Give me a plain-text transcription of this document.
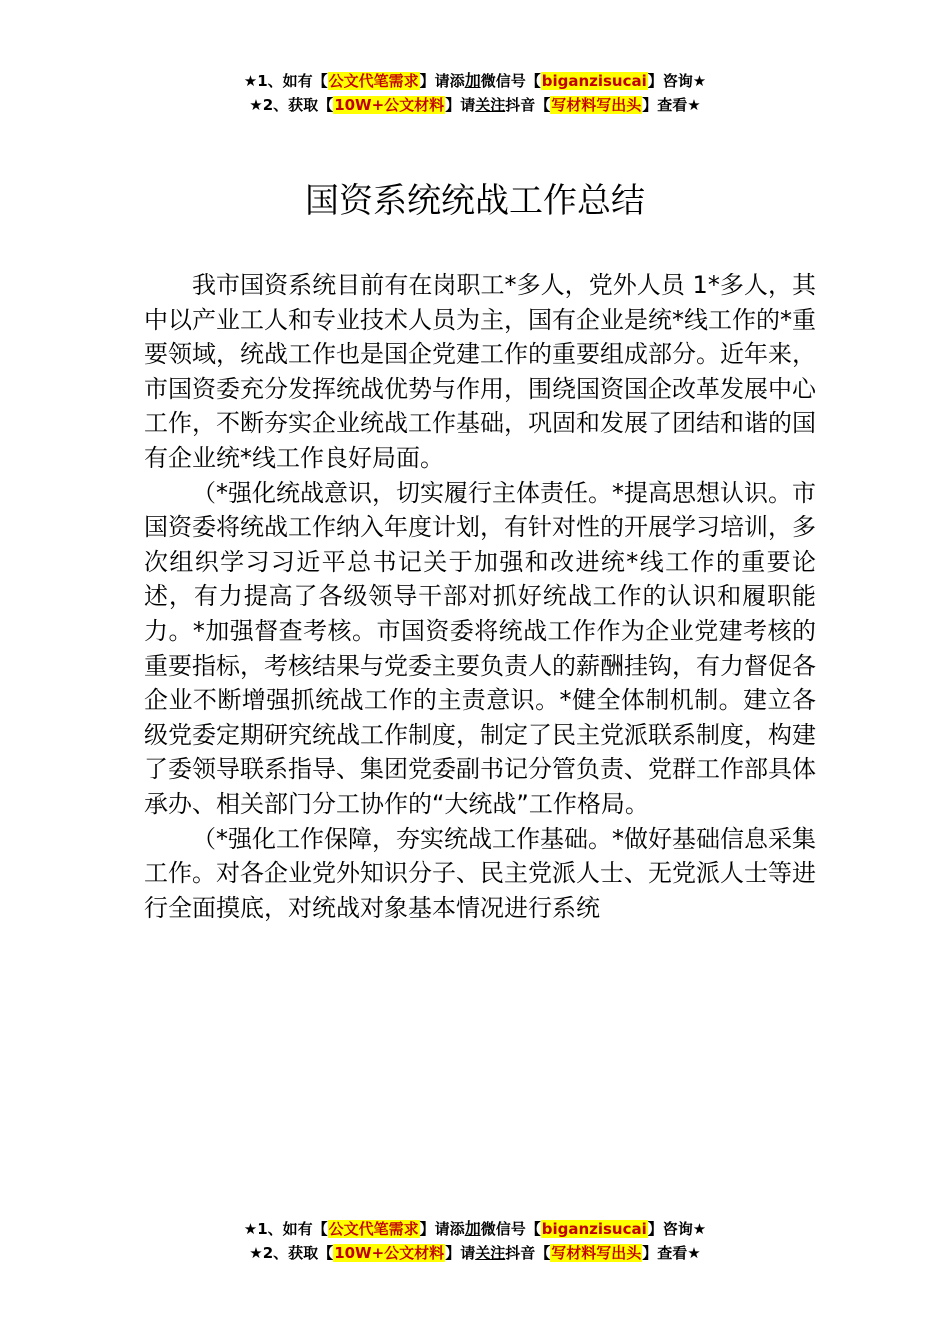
★1、如有【公文代笔需求】请添加微信号【biganzisucai】咨询★
★2、获取【10W+公文材料】请关注抖音【写材料写出头】查看★
国资系统统战工作总结

我市国资系统目前有在岗职工*多人，党外人员 1*多人，其中以产业工人和专业技术人员为主，国有企业是统*线工作的*重要领域，统战工作也是国企党建工作的重要组成部分。近年来，市国资委充分发挥统战优势与作用，围绕国资国企改革发展中心工作，不断夯实企业统战工作基础，巩固和发展了团结和谐的国有企业统*线工作良好局面。

（*强化统战意识，切实履行主体责任。*提高思想认识。市国资委将统战工作纳入年度计划，有针对性的开展学习培训，多次组织学习习近平总书记关于加强和改进统*线工作的重要论述，有力提高了各级领导干部对抓好统战工作的认识和履职能力。*加强督查考核。市国资委将统战工作作为企业党建考核的重要指标，考核结果与党委主要负责人的薪酬挂钩，有力督促各企业不断增强抓统战工作的主责意识。*健全体制机制。建立各级党委定期研究统战工作制度，制定了民主党派联系制度，构建了委领导联系指导、集团党委副书记分管负责、党群工作部具体承办、相关部门分工协作的“大统战”工作格局。

（*强化工作保障，夯实统战工作基础。*做好基础信息采集工作。对各企业党外知识分子、民主党派人士、无党派人士等进行全面摸底，对统战对象基本情况进行系统

★1、如有【公文代笔需求】请添加微信号【biganzisucai】咨询★
★2、获取【10W+公文材料】请关注抖音【写材料写出头】查看★
